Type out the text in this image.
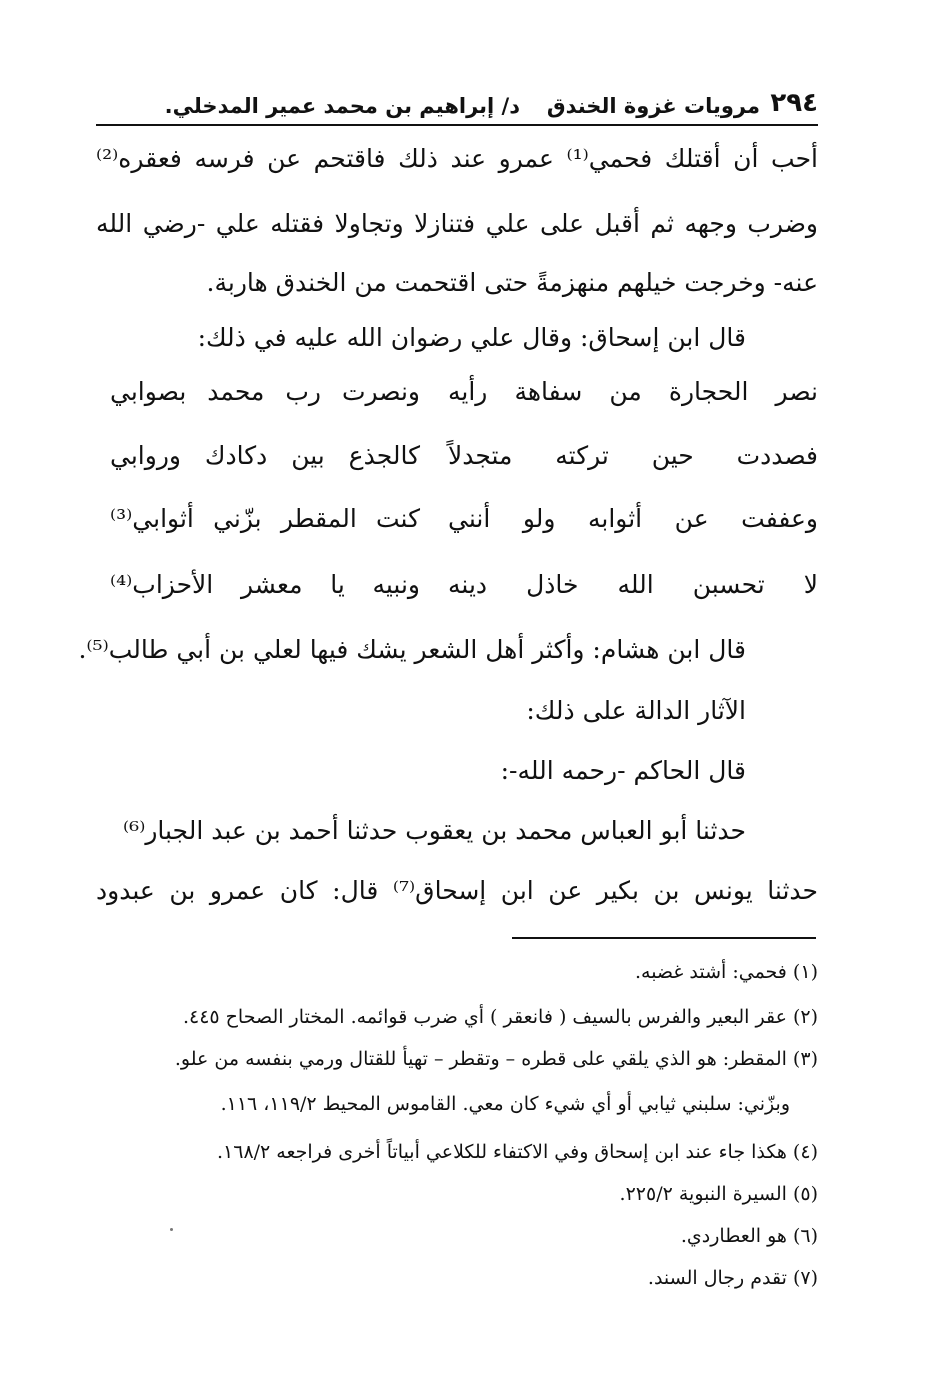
٢٩٤
مرويات غزوة الخندق
د/ إبراهيم بن محمد عمير المدخلي.
أحب أن أقتلك فحمي⁽¹⁾ عمرو عند ذلك فاقتحم عن فرسه فعقره⁽²⁾
وضرب وجهه ثم أقبل على علي فتنازلا وتجاولا فقتله علي -رضي الله
عنه- وخرجت خيلهم منهزمةً حتى اقتحمت من الخندق هاربة.
قال ابن إسحاق: وقال علي رضوان الله عليه في ذلك:
نصر الحجارة من سفاهة رأيه
ونصرت رب محمد بصوابي
فصددت حين تركته متجدلاً
كالجذع بين دكادك وروابي
وعففت عن أثوابه ولو أنني
كنت المقطر بزّني أثوابي⁽³⁾
لا تحسبن الله خاذل دينه
ونبيه يا معشر الأحزاب⁽⁴⁾
قال ابن هشام: وأكثر أهل الشعر يشك فيها لعلي بن أبي طالب⁽⁵⁾.
الآثار الدالة على ذلك:
قال الحاكم -رحمه الله-:
حدثنا أبو العباس محمد بن يعقوب حدثنا أحمد بن عبد الجبار⁽⁶⁾
حدثنا يونس بن بكير عن ابن إسحاق⁽⁷⁾ قال: كان عمرو بن عبدود
(١) فحمي: أشتد غضبه.
(٢) عقر البعير والفرس بالسيف ( فانعقر ) أي ضرب قوائمه. المختار الصحاح ٤٤٥.
(٣) المقطر: هو الذي يلقي على قطره – وتقطر – تهيأ للقتال ورمي بنفسه من علو.
وبزّني: سلبني ثيابي أو أي شيء كان معي. القاموس المحيط ١١٩/٢، ١١٦.
(٤) هكذا جاء عند ابن إسحاق وفي الاكتفاء للكلاعي أبياتاً أخرى فراجعه ١٦٨/٢.
(٥) السيرة النبوية ٢٢٥/٢.
(٦) هو العطاردي.
(٧) تقدم رجال السند.
